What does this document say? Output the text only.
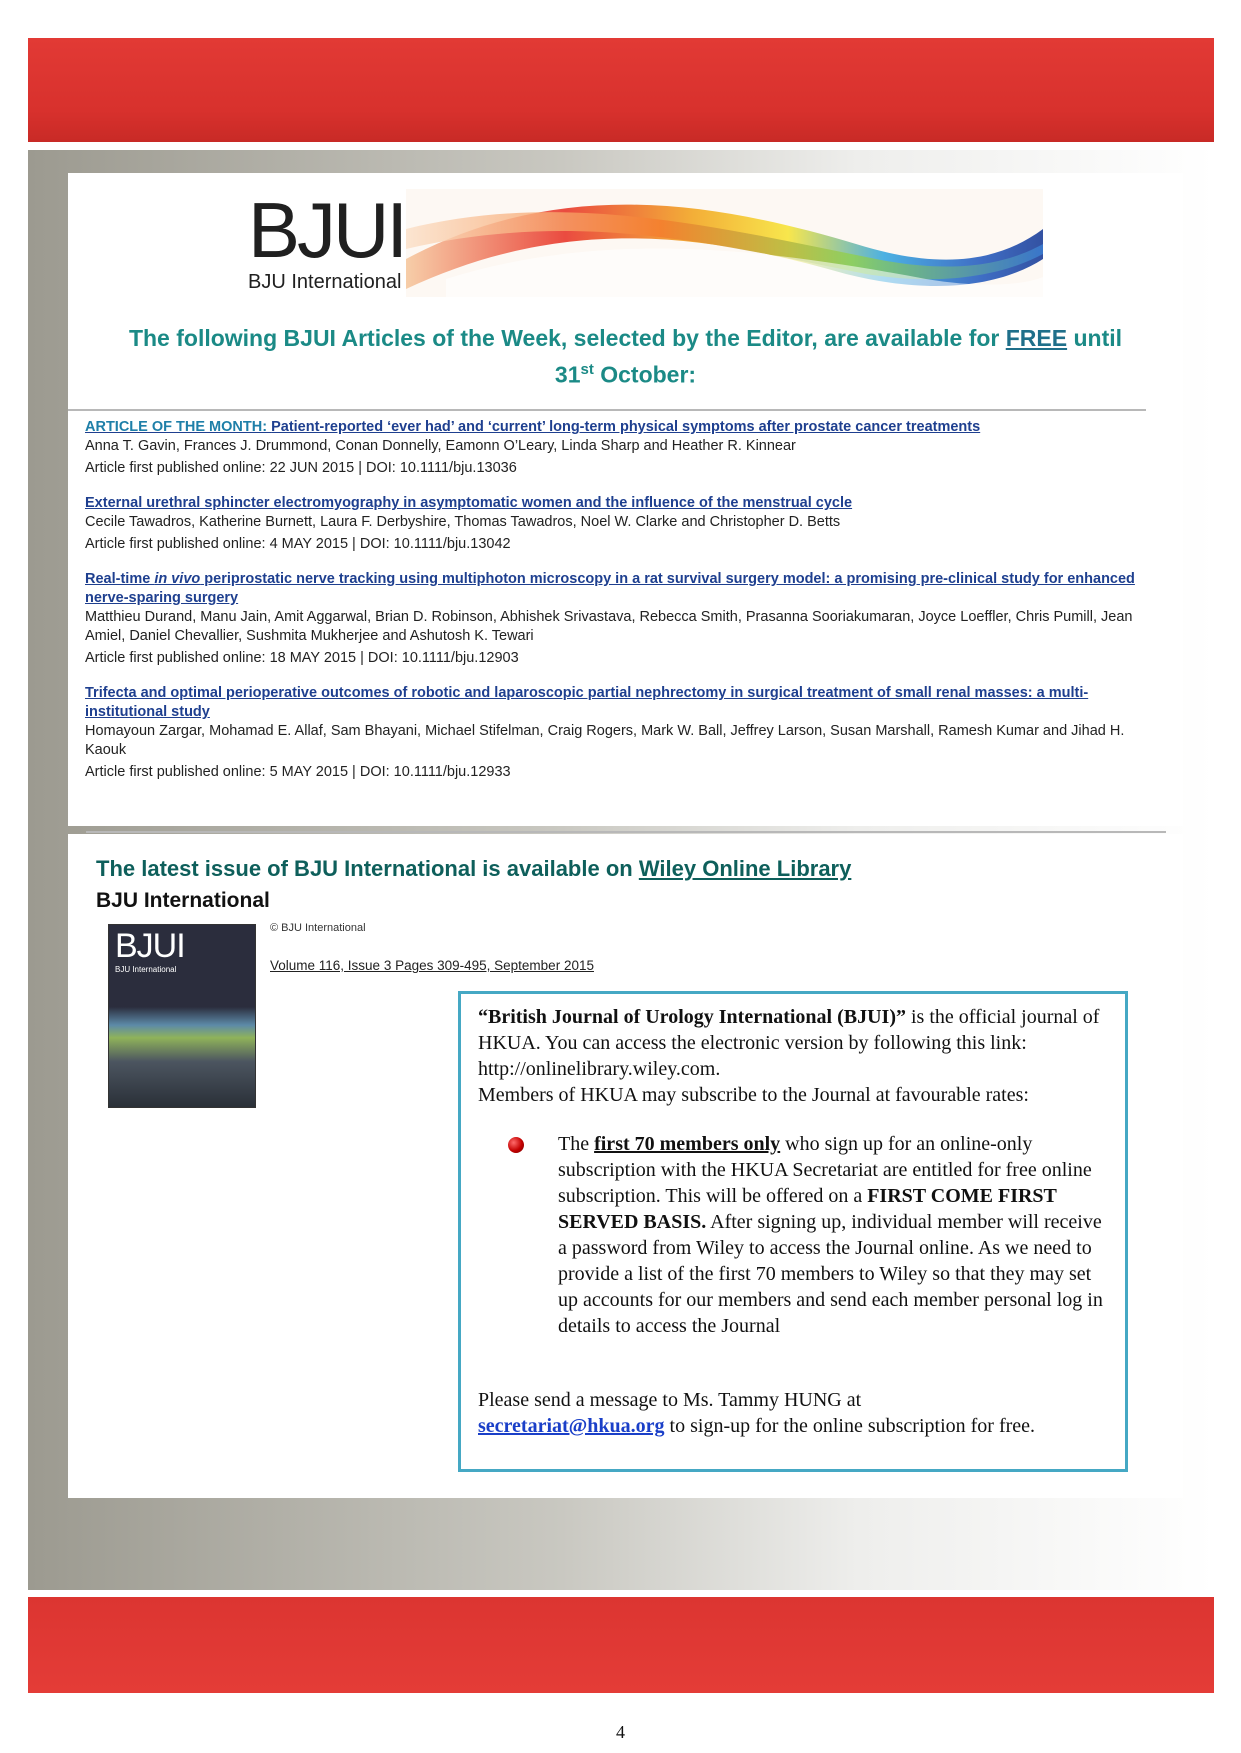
BJUI
BJU International
The following BJUI Articles of the Week, selected by the Editor, are available for FREE until
31st October:
ARTICLE OF THE MONTH: Patient-reported ‘ever had’ and ‘current’ long-term physical symptoms after prostate cancer treatments
Anna T. Gavin, Frances J. Drummond, Conan Donnelly, Eamonn O’Leary, Linda Sharp and Heather R. Kinnear
Article first published online: 22 JUN 2015 | DOI: 10.1111/bju.13036
External urethral sphincter electromyography in asymptomatic women and the influence of the menstrual cycle
Cecile Tawadros, Katherine Burnett, Laura F. Derbyshire, Thomas Tawadros, Noel W. Clarke and Christopher D. Betts
Article first published online: 4 MAY 2015 | DOI: 10.1111/bju.13042
Real-time in vivo periprostatic nerve tracking using multiphoton microscopy in a rat survival surgery model: a promising pre-clinical study for enhanced nerve-sparing surgery
Matthieu Durand, Manu Jain, Amit Aggarwal, Brian D. Robinson, Abhishek Srivastava, Rebecca Smith, Prasanna Sooriakumaran, Joyce Loeffler, Chris Pumill, Jean Amiel, Daniel Chevallier, Sushmita Mukherjee and Ashutosh K. Tewari
Article first published online: 18 MAY 2015 | DOI: 10.1111/bju.12903
Trifecta and optimal perioperative outcomes of robotic and laparoscopic partial nephrectomy in surgical treatment of small renal masses: a multi-institutional study
Homayoun Zargar, Mohamad E. Allaf, Sam Bhayani, Michael Stifelman, Craig Rogers, Mark W. Ball, Jeffrey Larson, Susan Marshall, Ramesh Kumar and Jihad H. Kaouk
Article first published online: 5 MAY 2015 | DOI: 10.1111/bju.12933
The latest issue of BJU International is available on Wiley Online Library
BJU International
BJUI
BJU International
© BJU International
Volume 116, Issue 3 Pages 309-495, September 2015
“British Journal of Urology International (BJUI)” is the official journal of HKUA. You can access the electronic version by following this link: http://onlinelibrary.wiley.com.
Members of HKUA may subscribe to the Journal at favourable rates:
The first 70 members only who sign up for an online-only subscription with the HKUA Secretariat are entitled for free online subscription. This will be offered on a FIRST COME FIRST SERVED BASIS. After signing up, individual member will receive a password from Wiley to access the Journal online. As we need to provide a list of the first 70 members to Wiley so that they may set up accounts for our members and send each member personal log in details to access the Journal
Please send a message to Ms. Tammy HUNG at
secretariat@hkua.org to sign-up for the online subscription for free.
4
